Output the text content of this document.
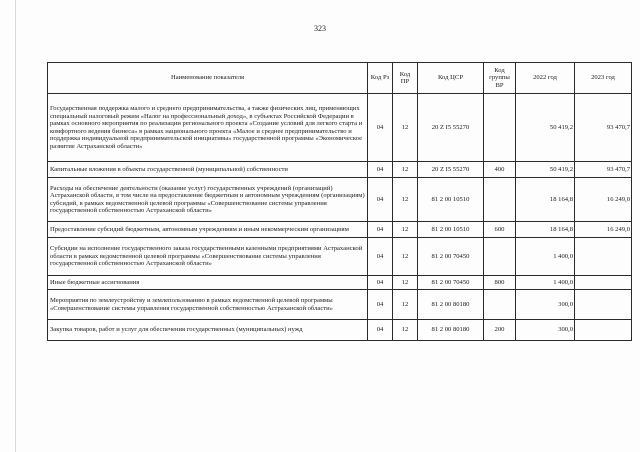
323
Наименование показателя	Код Рз	Код ПР	Код ЦСР	Код группы ВР	2022 год	2023 год
Государственная поддержка малого и среднего предпринимательства, а также физических лиц, применяющих специальный налоговый режим «Налог на профессиональный доход», в субъектах Российской Федерации в рамках основного мероприятия по реализации регионального проекта «Создание условий для легкого старта и комфортного ведения бизнеса» в рамках национального проекта «Малое и среднее предпринимательство и поддержка индивидуальной предпринимательской инициативы» государственной программы «Экономическое развитие Астраханской области»	04	12	20 Z I5 55270		50 419,2	93 470,7
Капитальные вложения в объекты государственной (муниципальной) собственности	04	12	20 Z I5 55270	400	50 419,2	93 470,7
Расходы на обеспечение деятельности (оказание услуг) государственных учреждений (организаций) Астраханской области, в том числе на предоставление бюджетным и автономным учреждениям (организациям) субсидий, в рамках ведомственной целевой программы «Совершенствование системы управления государственной собственностью Астраханской области»	04	12	81 2 00 10510		18 164,8	16 249,0
Предоставление субсидий бюджетным, автономным учреждениям и иным некоммерческим организациям	04	12	81 2 00 10510	600	18 164,8	16 249,0
Субсидии на исполнение государственного заказа государственными казенными предприятиями Астраханской области в рамках ведомственной целевой программы «Совершенствование системы управления государственной собственностью Астраханской области»	04	12	81 2 00 70450		1 400,0	
Иные бюджетные ассигнования	04	12	81 2 00 70450	800	1 400,0	
Мероприятия по землеустройству и землепользованию в рамках ведомственной целевой программы «Совершенствование системы управления государственной собственностью Астраханской области»	04	12	81 2 00 80180		300,0	
Закупка товаров, работ и услуг для обеспечения государственных (муниципальных) нужд	04	12	81 2 00 80180	200	300,0	
